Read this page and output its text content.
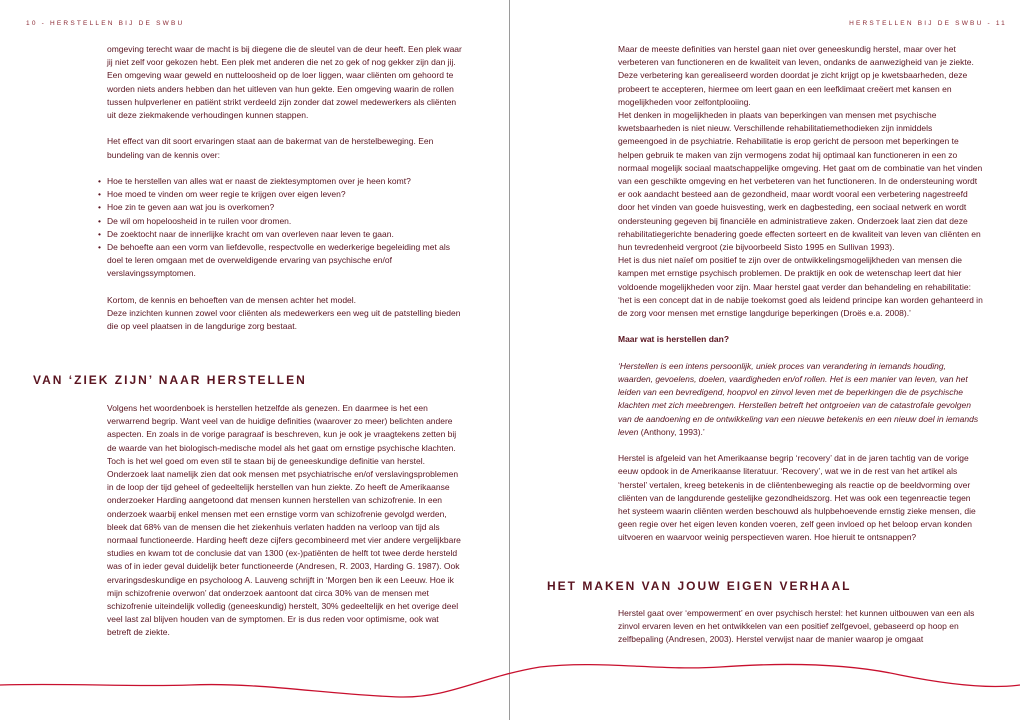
10 - HERSTELLEN BIJ DE SWBU

omgeving terecht waar de macht is bij diegene die de sleutel van de deur heeft. Een plek waar jij niet zelf voor gekozen hebt. Een plek met anderen die net zo gek of nog gekker zijn dan jij. Een omgeving waar geweld en nutteloosheid op de loer liggen, waar cliënten om gehoord te worden niets anders hebben dan het uitleven van hun gekte. Een omgeving waarin de rollen tussen hulpverlener en patiënt strikt verdeeld zijn zonder dat zowel medewerkers als cliënten uit deze ziekmakende verhoudingen kunnen stappen.

Het effect van dit soort ervaringen staat aan de bakermat van de herstelbeweging. Een bundeling van de kennis over:

• Hoe te herstellen van alles wat er naast de ziektesymptomen over je heen komt?
• Hoe moed te vinden om weer regie te krijgen over eigen leven?
• Hoe zin te geven aan wat jou is overkomen?
• De wil om hopeloosheid in te ruilen voor dromen.
• De zoektocht naar de innerlijke kracht om van overleven naar leven te gaan.
• De behoefte aan een vorm van liefdevolle, respectvolle en wederkerige begeleiding met als doel te leren omgaan met de overweldigende ervaring van psychische en/of verslavingssymptomen.

Kortom, de kennis en behoeften van de mensen achter het model.

Deze inzichten kunnen zowel voor cliënten als medewerkers een weg uit de patstelling bieden die op veel plaatsen in de langdurige zorg bestaat.

VAN ‘ZIEK ZIJN’ NAAR HERSTELLEN

Volgens het woordenboek is herstellen hetzelfde als genezen. En daarmee is het een verwarrend begrip. Want veel van de huidige definities (waarover zo meer) belichten andere aspecten. En zoals in de vorige paragraaf is beschreven, kun je ook je vraagtekens zetten bij de waarde van het biologisch-medische model als het gaat om ernstige psychische klachten. Toch is het wel goed om even stil te staan bij de geneeskundige definitie van herstel. Onderzoek laat namelijk zien dat ook mensen met psychiatrische en/of verslavingsproblemen in de loop der tijd geheel of gedeeltelijk herstellen van hun ziekte. Zo heeft de Amerikaanse onderzoeker Harding aangetoond dat mensen kunnen herstellen van schizofrenie. In een onderzoek waarbij enkel mensen met een ernstige vorm van schizofrenie gevolgd werden, bleek dat 68% van de mensen die het ziekenhuis verlaten hadden na verloop van tijd als normaal functioneerde. Harding heeft deze cijfers gecombineerd met vier andere vergelijkbare studies en kwam tot de conclusie dat van 1300 (ex-)patiënten de helft tot twee derde hersteld was of in ieder geval duidelijk beter functioneerde (Andresen, R. 2003, Harding G. 1987). Ook ervaringsdeskundige en psycholoog A. Lauveng schrijft in ‘Morgen ben ik een Leeuw. Hoe ik mijn schizofrenie overwon’ dat onderzoek aantoont dat circa 30% van de mensen met schizofrenie uiteindelijk volledig (geneeskundig) herstelt, 30% gedeeltelijk en het overige deel veel last zal blijven houden van de symptomen. Er is dus reden voor optimisme, ook wat betreft de ziekte.

HERSTELLEN BIJ DE SWBU - 11

Maar de meeste definities van herstel gaan niet over geneeskundig herstel, maar over het verbeteren van functioneren en de kwaliteit van leven, ondanks de aanwezigheid van je ziekte. Deze verbetering kan gerealiseerd worden doordat je zicht krijgt op je kwetsbaarheden, deze probeert te accepteren, hiermee om leert gaan en een leefklimaat creëert met kansen en mogelijkheden voor zelfontplooiing.

Het denken in mogelijkheden in plaats van beperkingen van mensen met psychische kwetsbaarheden is niet nieuw. Verschillende rehabilitatiemethodieken zijn inmiddels gemeengoed in de psychiatrie. Rehabilitatie is erop gericht de persoon met beperkingen te helpen gebruik te maken van zijn vermogens zodat hij optimaal kan functioneren in een zo normaal mogelijk sociaal maatschappelijke omgeving. Het gaat om de combinatie van het vinden van een geschikte omgeving en het verbeteren van het functioneren. In de ondersteuning wordt er ook aandacht besteed aan de gezondheid, maar wordt vooral een verbetering nagestreefd door het vinden van goede huisvesting, werk en dagbesteding, een sociaal netwerk en wordt ondersteuning gegeven bij financiële en administratieve zaken. Onderzoek laat zien dat deze rehabilitatiegerichte benadering goede effecten sorteert en de kwaliteit van leven van cliënten en hun tevredenheid vergroot (zie bijvoorbeeld Sisto 1995 en Sullivan 1993).

Het is dus niet naïef om positief te zijn over de ontwikkelingsmogelijkheden van mensen die kampen met ernstige psychisch problemen. De praktijk en ook de wetenschap leert dat hier voldoende mogelijkheden voor zijn. Maar herstel gaat verder dan behandeling en rehabilitatie: ‘het is een concept dat in de nabije toekomst goed als leidend principe kan worden gehanteerd in de zorg voor mensen met ernstige langdurige beperkingen (Droës e.a. 2008).’

Maar wat is herstellen dan?

‘Herstellen is een intens persoonlijk, uniek proces van verandering in iemands houding, waarden, gevoelens, doelen, vaardigheden en/of rollen. Het is een manier van leven, van het leiden van een bevredigend, hoopvol en zinvol leven met de beperkingen die de psychische klachten met zich meebrengen. Herstellen betreft het ontgroeien van de catastrofale gevolgen van de aandoening en de ontwikkeling van een nieuwe betekenis en een nieuw doel in iemands leven (Anthony, 1993).’

Herstel is afgeleid van het Amerikaanse begrip ‘recovery’ dat in de jaren tachtig van de vorige eeuw opdook in de Amerikaanse literatuur. ‘Recovery’, wat we in de rest van het artikel als ‘herstel’ vertalen, kreeg betekenis in de cliëntenbeweging als reactie op de beeldvorming over cliënten van de langdurende gestelijke gezondheidszorg. Het was ook een tegenreactie tegen het systeem waarin cliënten werden beschouwd als hulpbehoevende ernstig zieke mensen, die geen regie over het eigen leven konden voeren, zelf geen invloed op het beloop ervan konden uitvoeren en waarvoor weinig perspectieven waren. Hoe hieruit te ontsnappen?

HET MAKEN VAN JOUW EIGEN VERHAAL

Herstel gaat over ‘empowerment’ en over psychisch herstel: het kunnen uitbouwen van een als zinvol ervaren leven en het ontwikkelen van een positief zelfgevoel, gebaseerd op hoop en zelfbepaling (Andresen, 2003). Herstel verwijst naar de manier waarop je omgaat
